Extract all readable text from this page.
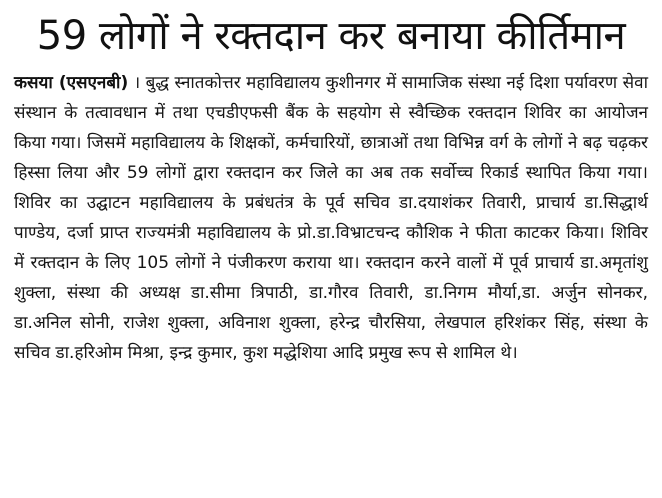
59 लोगों ने रक्तदान कर बनाया कीर्तिमान

कसया (एसएनबी) । बुद्ध स्नातकोत्तर महाविद्यालय कुशीनगर में सामाजिक संस्था नई दिशा पर्यावरण सेवा संस्थान के तत्वावधान में तथा एचडीएफसी बैंक के सहयोग से स्वैच्छिक रक्तदान शिविर का आयोजन किया गया। जिसमें महाविद्यालय के शिक्षकों, कर्मचारियों, छात्राओं तथा विभिन्न वर्ग के लोगों ने बढ़ चढ़कर हिस्सा लिया और 59 लोगों द्वारा रक्तदान कर जिले का अब तक सर्वोच्च रिकार्ड स्थापित किया गया। शिविर का उद्घाटन महाविद्यालय के प्रबंधतंत्र के पूर्व सचिव डा.दयाशंकर तिवारी, प्राचार्य डा.सिद्धार्थ पाण्डेय, दर्जा प्राप्त राज्यमंत्री महाविद्यालय के प्रो.डा.विभ्राटचन्द कौशिक ने फीता काटकर किया। शिविर में रक्तदान के लिए 105 लोगों ने पंजीकरण कराया था। रक्तदान करने वालों में पूर्व प्राचार्य डा.अमृतांशु शुक्ला, संस्था की अध्यक्ष डा.सीमा त्रिपाठी, डा.गौरव तिवारी, डा.निगम मौर्या,डा. अर्जुन सोनकर, डा.अनिल सोनी, राजेश शुक्ला, अविनाश शुक्ला, हरेन्द्र चौरसिया, लेखपाल हरिशंकर सिंह, संस्था के सचिव डा.हरिओम मिश्रा, इन्द्र कुमार, कुश मद्धेशिया आदि प्रमुख रूप से शामिल थे।
